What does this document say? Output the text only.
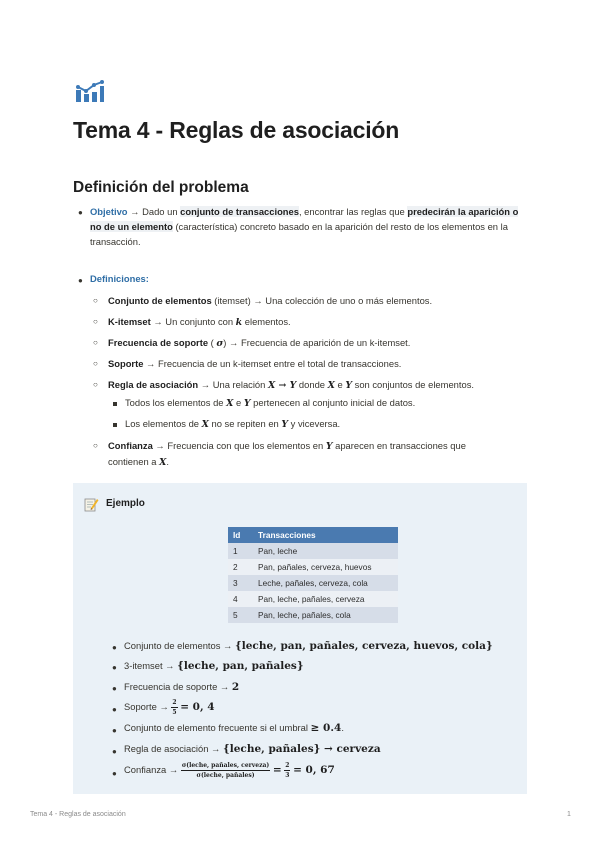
Tema 4 - Reglas de asociación
Definición del problema
● Objetivo → Dado un conjunto de transacciones, encontrar las reglas que predecirán la aparición o no de un elemento (característica) concreto basado en la aparición del resto de los elementos en la transacción.
● Definiciones:
○ Conjunto de elementos (itemset) → Una colección de uno o más elementos.
○ K-itemset → Un conjunto con k elementos.
○ Frecuencia de soporte ( σ) → Frecuencia de aparición de un k-itemset.
○ Soporte → Frecuencia de un k-itemset entre el total de transacciones.
○ Regla de asociación → Una relación X → Y donde X e Y son conjuntos de elementos.
Todos los elementos de X e Y pertenecen al conjunto inicial de datos.
Los elementos de X no se repiten en Y y viceversa.
○ Confianza → Frecuencia con que los elementos en Y aparecen en transacciones que
contienen a X.
Ejemplo
Id	Transacciones
1	Pan, leche
2	Pan, pañales, cerveza, huevos
3	Leche, pañales, cerveza, cola
4	Pan, leche, pañales, cerveza
5	Pan, leche, pañales, cola
● Conjunto de elementos → {leche, pan, pañales, cerveza, huevos, cola}
● 3-itemset → {leche, pan, pañales}
● Frecuencia de soporte → 2
● Soporte → $\frac{2}{5} = 0$, 4
● Conjunto de elemento frecuente si el umbral ≥ 0.4.
● Regla de asociación → {leche, pañales} → cerveza
● Confianza → $\frac{\text{σ(leche, pañales, cerveza)}}{\text{σ(leche, pañales)}} = \frac{2}{3} = 0$, 67
Tema 4 - Reglas de asociación	1
